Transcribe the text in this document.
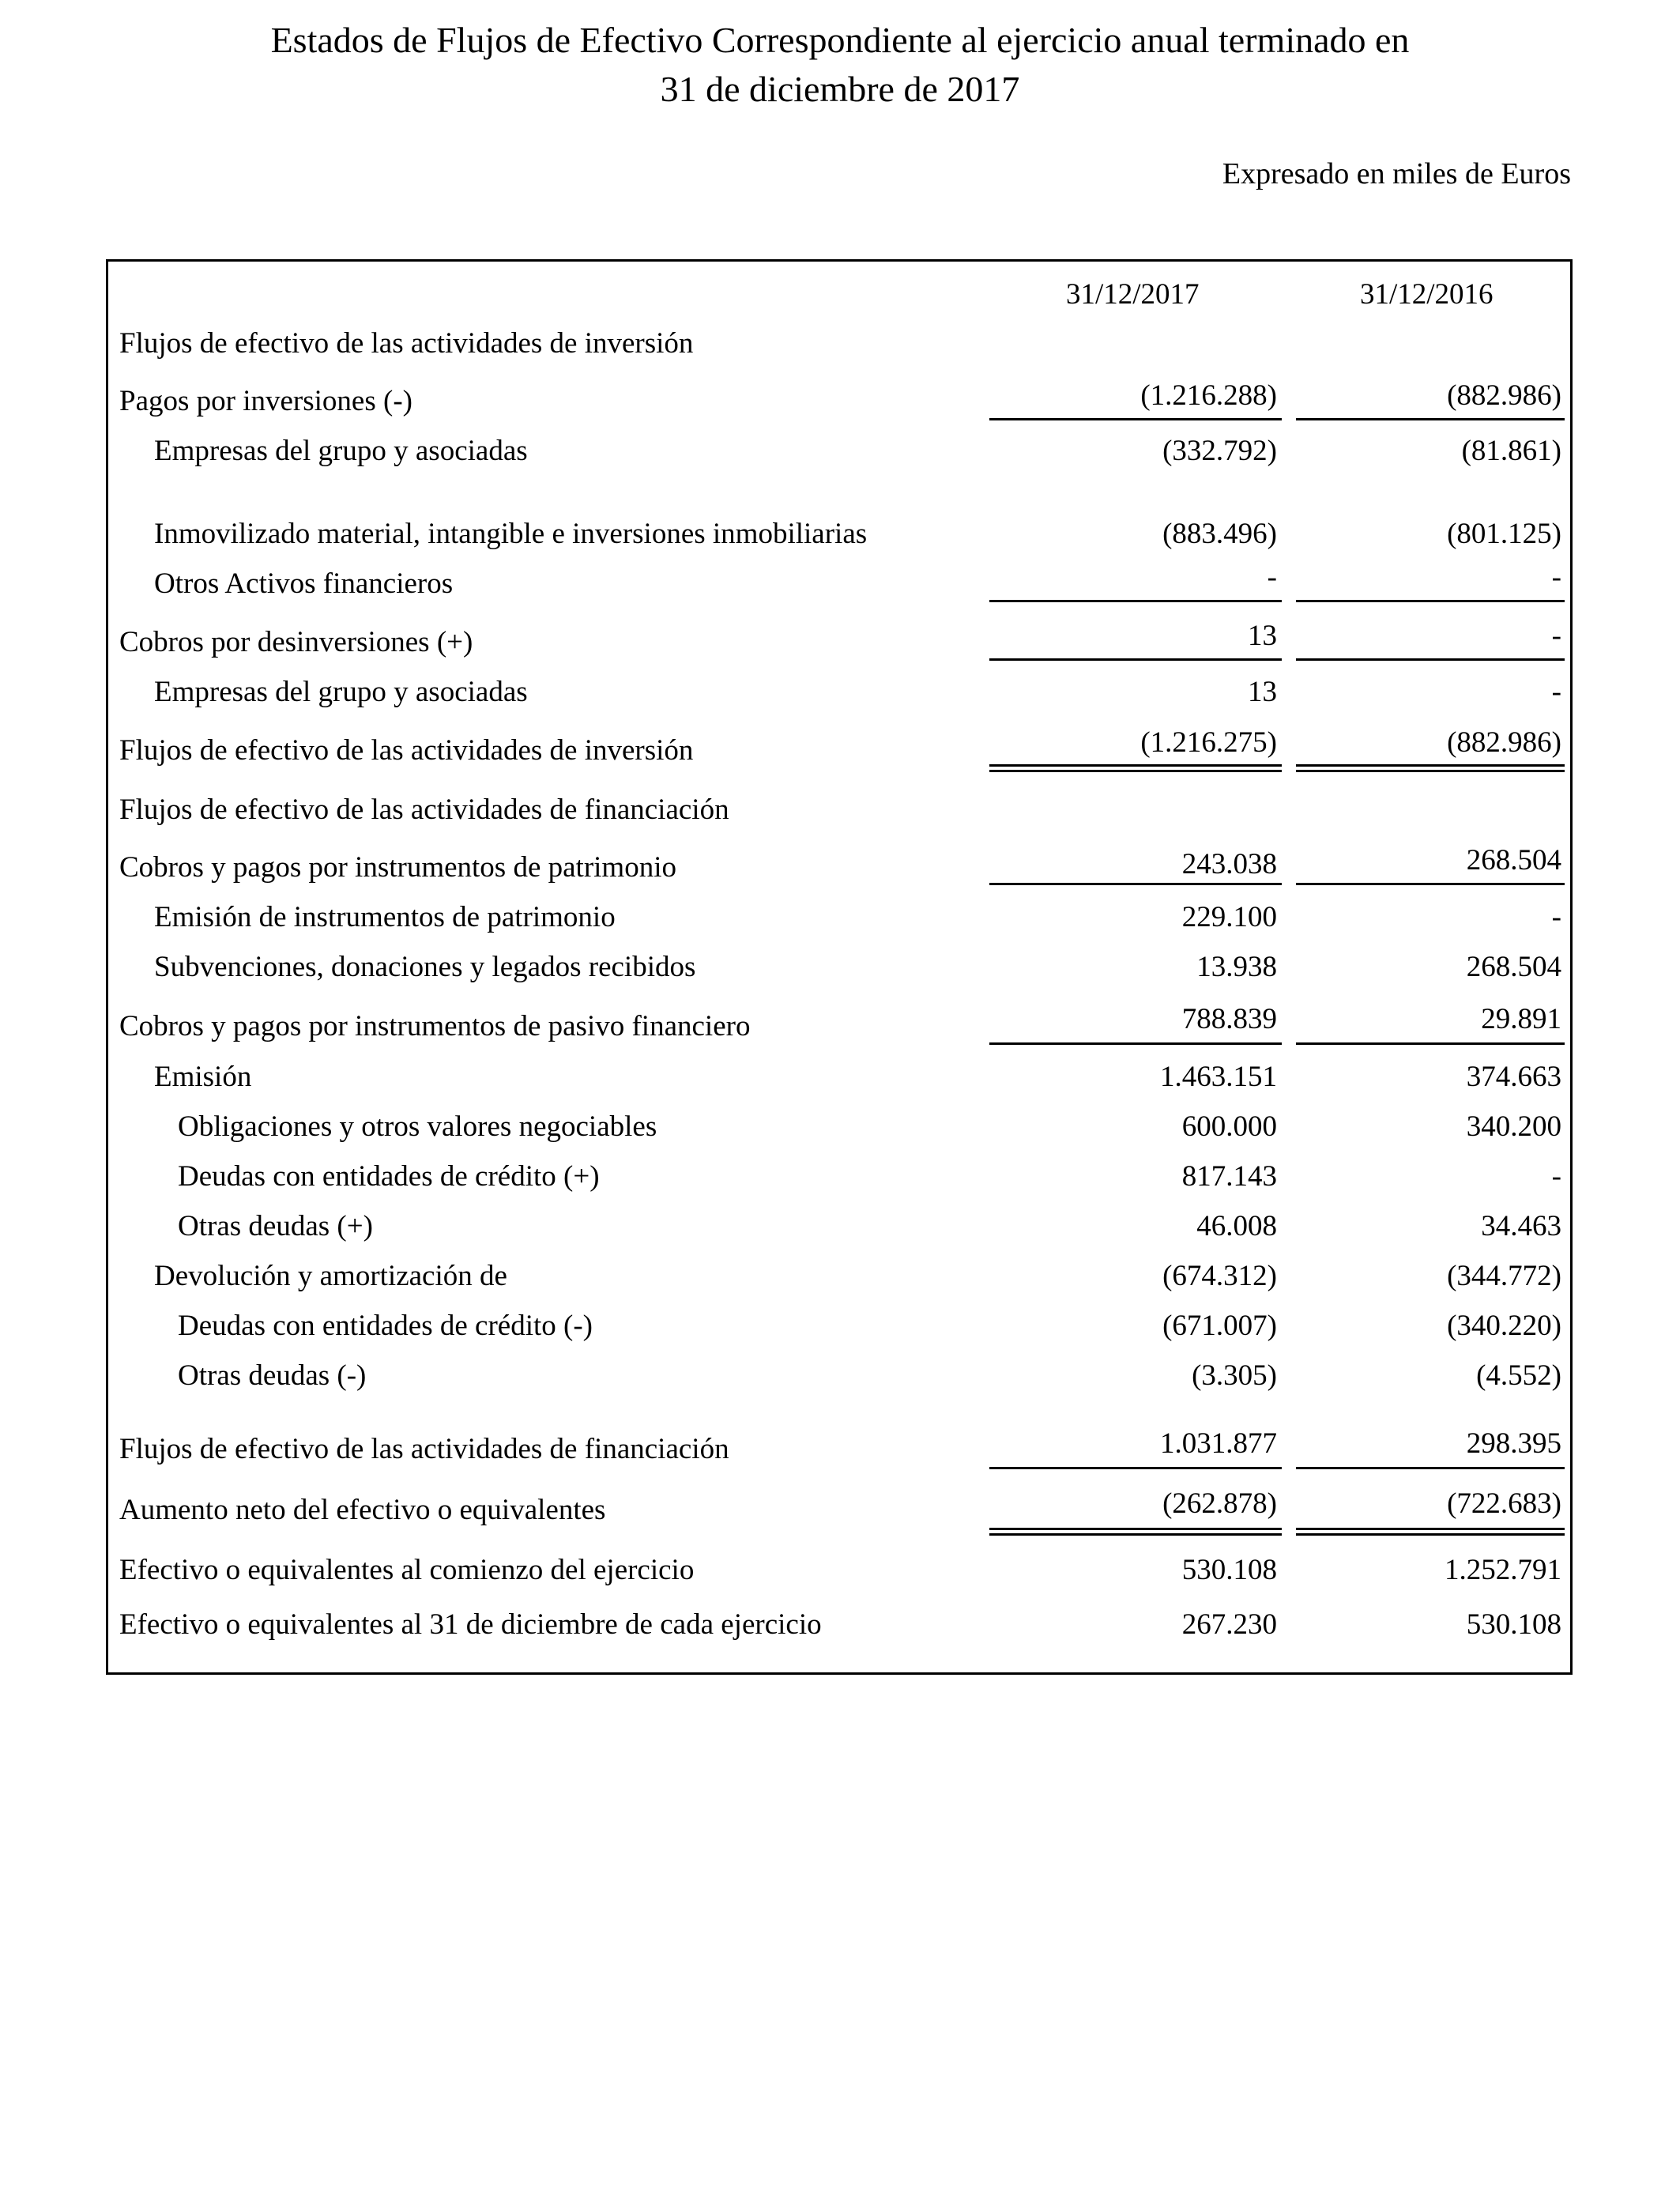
Estados de Flujos de Efectivo Correspondiente al ejercicio anual terminado en
31 de diciembre de 2017
Expresado en miles de Euros
31/12/2017	31/12/2016
Flujos de efectivo de las actividades de inversión
Pagos por inversiones (-)	(1.216.288)	(882.986)
Empresas del grupo y asociadas	(332.792)	(81.861)
Inmovilizado material, intangible e inversiones inmobiliarias	(883.496)	(801.125)
Otros Activos financieros	-	-
Cobros por desinversiones (+)	13	-
Empresas del grupo y asociadas	13	-
Flujos de efectivo de las actividades de inversión	(1.216.275)	(882.986)
Flujos de efectivo de las actividades de financiación
Cobros y pagos por instrumentos de patrimonio	243.038	268.504
Emisión de instrumentos de patrimonio	229.100	-
Subvenciones, donaciones y legados recibidos	13.938	268.504
Cobros y pagos por instrumentos de pasivo financiero	788.839	29.891
Emisión	1.463.151	374.663
Obligaciones y otros valores negociables	600.000	340.200
Deudas con entidades de crédito (+)	817.143	-
Otras deudas (+)	46.008	34.463
Devolución y amortización de	(674.312)	(344.772)
Deudas con entidades de crédito (-)	(671.007)	(340.220)
Otras deudas (-)	(3.305)	(4.552)
Flujos de efectivo de las actividades de financiación	1.031.877	298.395
Aumento neto del efectivo o equivalentes	(262.878)	(722.683)
Efectivo o equivalentes al comienzo del ejercicio	530.108	1.252.791
Efectivo o equivalentes al 31 de diciembre de cada ejercicio	267.230	530.108
